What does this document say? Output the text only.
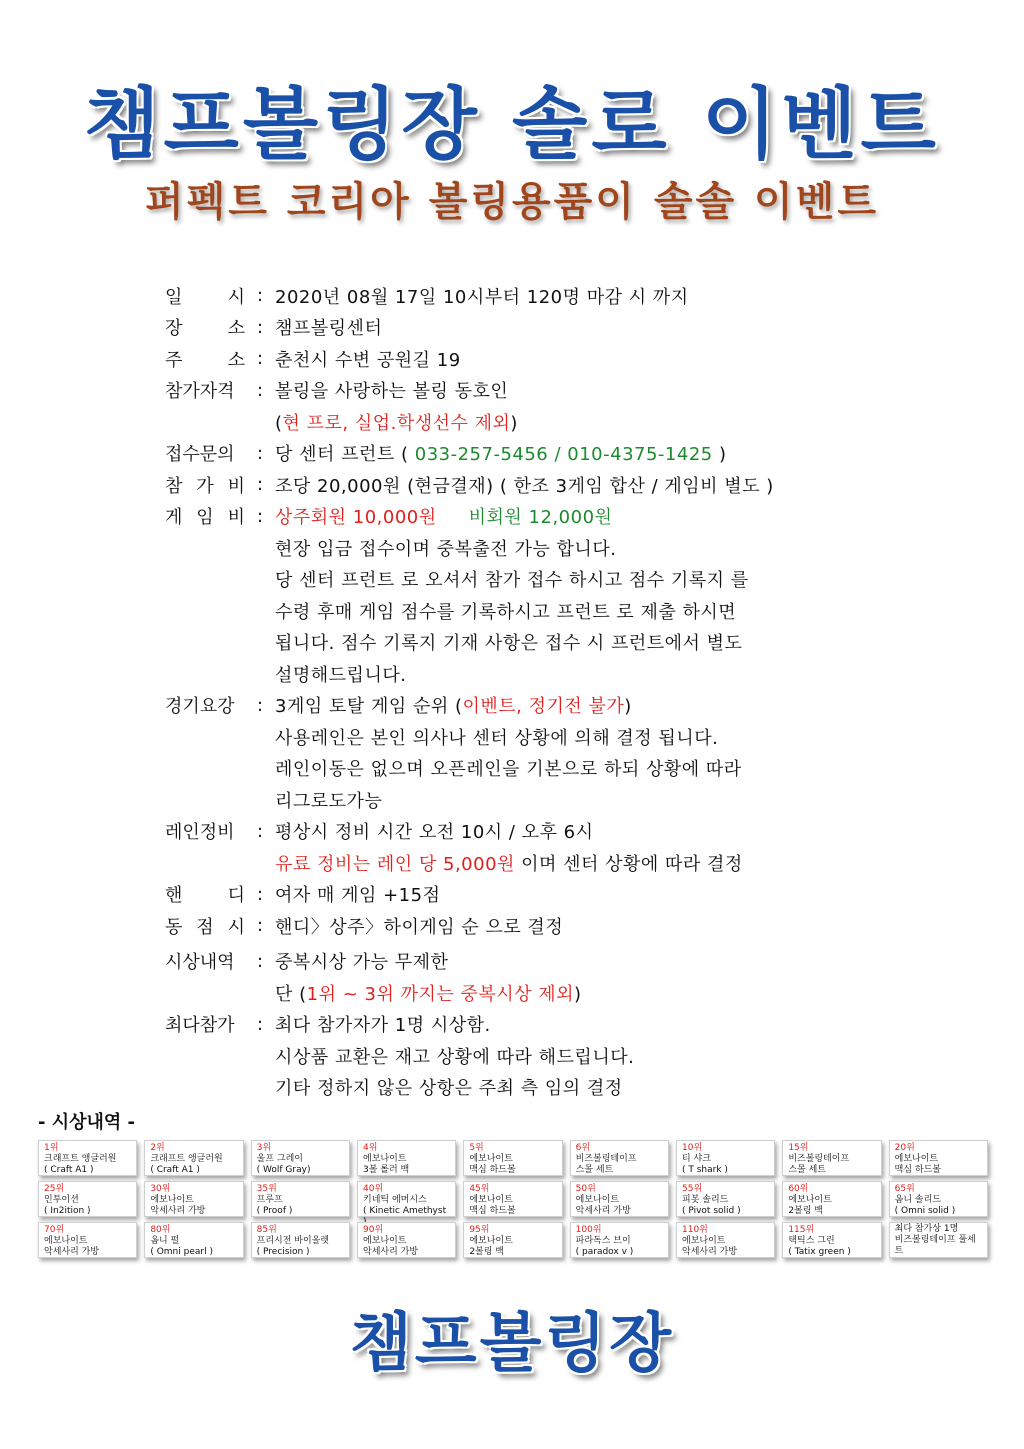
챔프볼링장 솔로 이벤트
퍼펙트 코리아 볼링용품이 솔솔 이벤트
일 시 : 2020년 08월 17일 10시부터 120명 마감 시 까지
장 소 : 챔프볼링센터
주 소 : 춘천시 수변 공원길 19
참가자격	: 볼링을 사랑하는 볼링 동호인
(현 프로, 실업.학생선수 제외)
접수문의	: 당 센터 프런트 ( 033-257-5456 / 010-4375-1425 )
참 가 비 : 조당 20,000원 (현금결재) ( 한조 3게임 합산 / 게임비 별도 )
게 임 비 : 상주회원 10,000원 비회원 12,000원
현장 입금 접수이며 중복출전 가능 합니다.
당 센터 프런트 로 오셔서 참가 접수 하시고 점수 기록지 를
수령 후매 게임 점수를 기록하시고 프런트 로 제출 하시면
됩니다. 점수 기록지 기재 사항은 접수 시 프런트에서 별도
설명해드립니다.
경기요강	: 3게임 토탈 게임 순위 (이벤트, 정기전 불가)
사용레인은 본인 의사나 센터 상황에 의해 결정 됩니다.
레인이동은 없으며 오픈레인을 기본으로 하되 상황에 따라
리그로도가능
레인정비	: 평상시 정비 시간 오전 10시 / 오후 6시
유료 정비는 레인 당 5,000원 이며 센터 상황에 따라 결정
핸 디 : 여자 매 게임 +15점
동 점 시 : 핸디〉상주〉하이게임 순 으로 결정
시상내역	: 중복시상 가능 무제한
단 (1위 ~ 3위 까지는 중복시상 제외)
최다참가	: 최다 참가자가 1명 시상함.
시상품 교환은 재고 상황에 따라 해드립니다.
기타 정하지 않은 상항은 주최 측 임의 결정
- 시상내역 -
1위
크래프트 앵글러원
( Craft A1 )
2위
크래프트 앵글러원
( Craft A1 )
3위
울프 그레이
( Wolf Gray)
4위
에보나이트
3볼 롤러 백
5위
에보나이트
맥심 하드볼
6위
비즈볼링테이프
스몰 세트
10위
티 샤크
( T shark )
15위
비즈볼링테이프
스몰 세트
20위
에보나이트
맥심 하드볼
25위
인투이션
( In2ition )
30위
에보나이트
악세사리 가방
35위
프루프
( Proof )
40위
키네틱 에머시스
( Kinetic Amethyst
45위
에보나이트
맥심 하드볼
50위
에보나이트
악세사리 가방
55위
피봇 솔리드
( Pivot solid )
60위
에보나이트
2볼링 백
65위
옴니 솔리드
( Omni solid )
70위
에보나이트
악세사리 가방
80위
옴니 펄
( Omni pearl )
85위
프리시전 바이올렛
( Precision )
90위
에보나이트
악세사리 가방
95위
에보나이트
2볼링 백
100위
파라독스 브이
( paradox v )
110위
에보나이트
악세사리 가방
115위
택틱스 그린
( Tatix green )
최다 참가상 1명
비즈볼링테이프 풀세트
챔프볼링장
